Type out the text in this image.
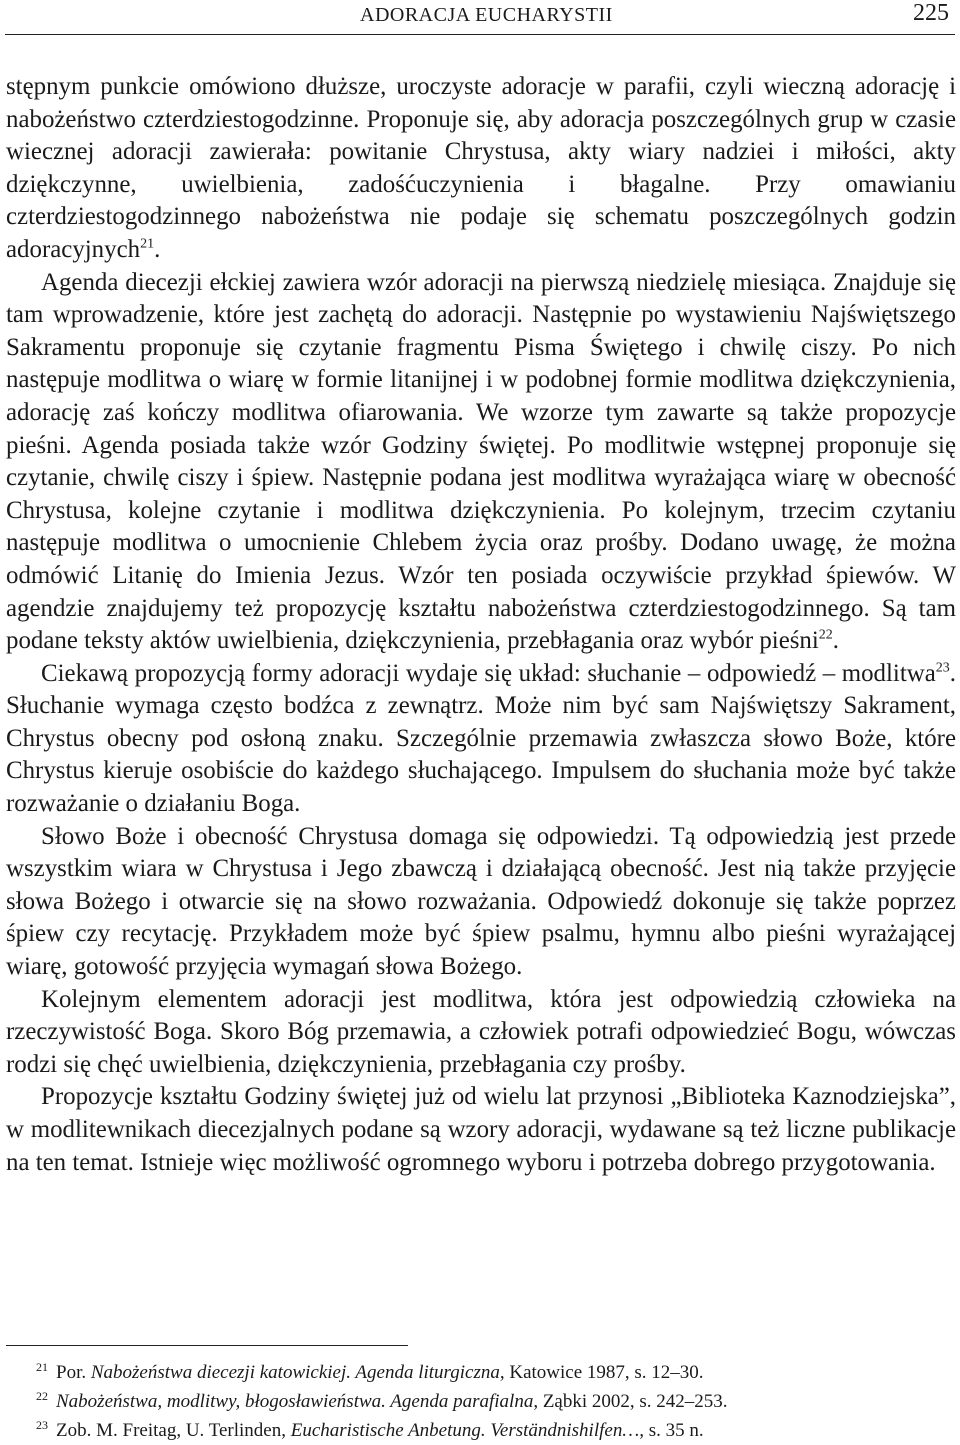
ADORACJA EUCHARYSTII	225

stępnym punkcie omówiono dłuższe, uroczyste adoracje w parafii, czyli wieczną adorację i nabożeństwo czterdziestogodzinne. Proponuje się, aby adoracja poszczególnych grup w czasie wiecznej adoracji zawierała: powitanie Chrystusa, akty wiary nadziei i miłości, akty dziękczynne, uwielbienia, zadośćuczynienia i błagalne. Przy omawianiu czterdziestogodzinnego nabożeństwa nie podaje się schematu poszczególnych godzin adoracyjnych$^{21}$.

Agenda diecezji ełckiej zawiera wzór adoracji na pierwszą niedzielę miesiąca. Znajduje się tam wprowadzenie, które jest zachętą do adoracji. Następnie po wystawieniu Najświętszego Sakramentu proponuje się czytanie fragmentu Pisma Świętego i chwilę ciszy. Po nich następuje modlitwa o wiarę w formie litanijnej i w podobnej formie modlitwa dziękczynienia, adorację zaś kończy modlitwa ofiarowania. We wzorze tym zawarte są także propozycje pieśni. Agenda posiada także wzór Godziny świętej. Po modlitwie wstępnej proponuje się czytanie, chwilę ciszy i śpiew. Następnie podana jest modlitwa wyrażająca wiarę w obecność Chrystusa, kolejne czytanie i modlitwa dziękczynienia. Po kolejnym, trzecim czytaniu następuje modlitwa o umocnienie Chlebem życia oraz prośby. Dodano uwagę, że można odmówić Litanię do Imienia Jezus. Wzór ten posiada oczywiście przykład śpiewów. W agendzie znajdujemy też propozycję kształtu nabożeństwa czterdziestogodzinnego. Są tam podane teksty aktów uwielbienia, dziękczynienia, przebłagania oraz wybór pieśni$^{22}$.

Ciekawą propozycją formy adoracji wydaje się układ: słuchanie – odpowiedź – modlitwa$^{23}$. Słuchanie wymaga często bodźca z zewnątrz. Może nim być sam Najświętszy Sakrament, Chrystus obecny pod osłoną znaku. Szczególnie przemawia zwłaszcza słowo Boże, które Chrystus kieruje osobiście do każdego słuchającego. Impulsem do słuchania może być także rozważanie o działaniu Boga.

Słowo Boże i obecność Chrystusa domaga się odpowiedzi. Tą odpowiedzią jest przede wszystkim wiara w Chrystusa i Jego zbawczą i działającą obecność. Jest nią także przyjęcie słowa Bożego i otwarcie się na słowo rozważania. Odpowiedź dokonuje się także poprzez śpiew czy recytację. Przykładem może być śpiew psalmu, hymnu albo pieśni wyrażającej wiarę, gotowość przyjęcia wymagań słowa Bożego.

Kolejnym elementem adoracji jest modlitwa, która jest odpowiedzią człowieka na rzeczywistość Boga. Skoro Bóg przemawia, a człowiek potrafi odpowiedzieć Bogu, wówczas rodzi się chęć uwielbienia, dziękczynienia, przebłagania czy prośby.

Propozycje kształtu Godziny świętej już od wielu lat przynosi „Biblioteka Kaznodziejska”, w modlitewnikach diecezjalnych podane są wzory adoracji, wydawane są też liczne publikacje na ten temat. Istnieje więc możliwość ogromnego wyboru i potrzeba dobrego przygotowania.

$^{21}$ Por. Nabożeństwa diecezji katowickiej. Agenda liturgiczna, Katowice 1987, s. 12–30.

$^{22}$ Nabożeństwa, modlitwy, błogosławieństwa. Agenda parafialna, Ząbki 2002, s. 242–253.

$^{23}$ Zob. M. Freitag, U. Terlinden, Eucharistische Anbetung. Verständnishilfen…, s. 35 n.
